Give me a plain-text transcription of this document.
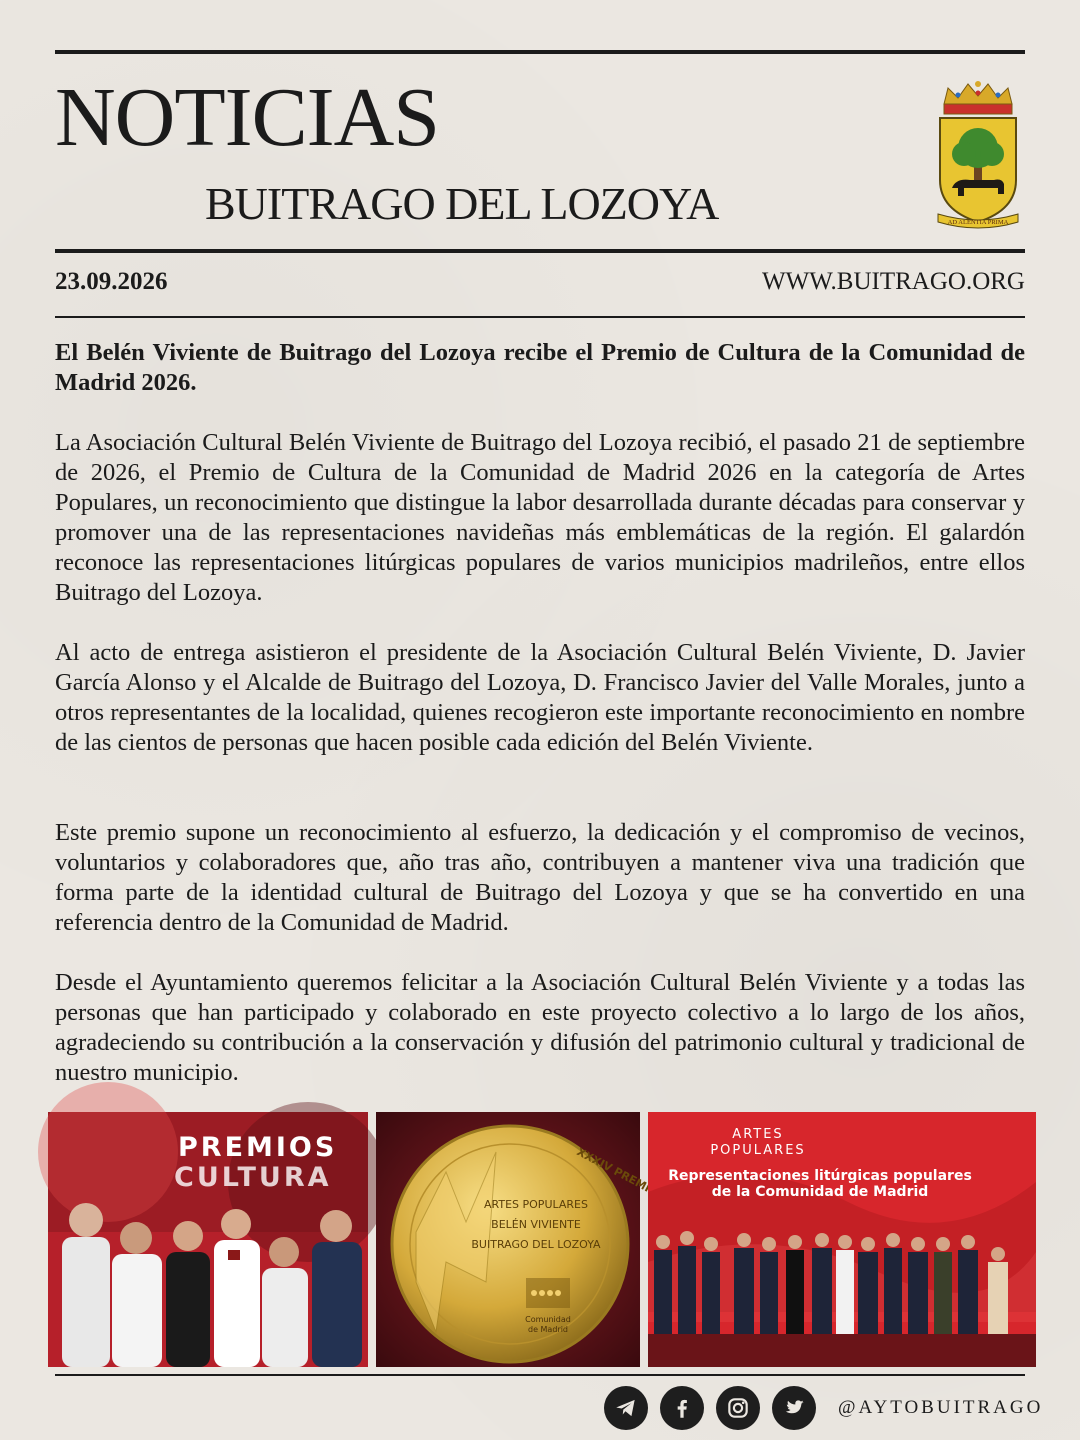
NOTICIAS
BUITRAGO DEL LOZOYA	AD ALENTIA PRIMA
23.09.2026	WWW.BUITRAGO.ORG

El Belén Viviente de Buitrago del Lozoya recibe el Premio de Cultura de la Comunidad de Madrid 2026.

La Asociación Cultural Belén Viviente de Buitrago del Lozoya recibió, el pasado 21 de septiembre de 2026, el Premio de Cultura de la Comunidad de Madrid 2026 en la categoría de Artes Populares, un reconocimiento que distingue la labor desarrollada durante décadas para conservar y promover una de las representaciones navideñas más emblemáticas de la región. El galardón reconoce las representaciones litúrgicas populares de varios municipios madrileños, entre ellos Buitrago del Lozoya.

Al acto de entrega asistieron el presidente de la Asociación Cultural Belén Viviente, D. Javier García Alonso y el Alcalde de Buitrago del Lozoya, D. Francisco Javier del Valle Morales, junto a otros representantes de la localidad, quienes recogieron este importante reconocimiento en nombre de las cientos de personas que hacen posible cada edición del Belén Viviente.

Este premio supone un reconocimiento al esfuerzo, la dedicación y el compromiso de vecinos, voluntarios y colaboradores que, año tras año, contribuyen a mantener viva una tradición que forma parte de la identidad cultural de Buitrago del Lozoya y que se ha convertido en una referencia dentro de la Comunidad de Madrid.

Desde el Ayuntamiento queremos felicitar a la Asociación Cultural Belén Viviente y a todas las personas que han participado y colaborado en este proyecto colectivo a lo largo de los años, agradeciendo su contribución a la conservación y difusión del patrimonio cultural y tradicional de nuestro municipio.

PREMIOS
CULTURA
XXXIV PREMIOS
ARTES POPULARES
BELÉN VIVIENTE
BUITRAGO DEL LOZOYA
Comunidad
de Madrid
ARTES
POPULARES
Representaciones litúrgicas populares
de la Comunidad de Madrid
@AYTOBUITRAGO
